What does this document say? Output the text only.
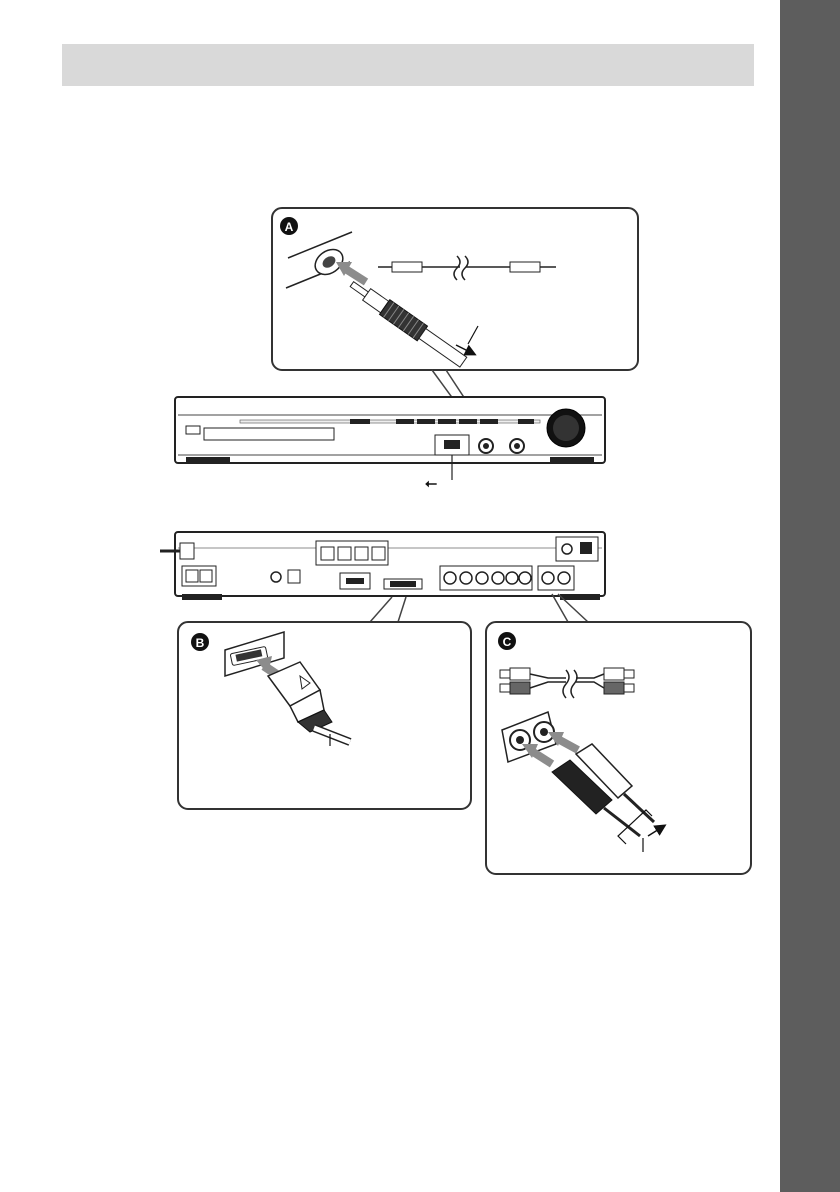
A
B	C
⭠
